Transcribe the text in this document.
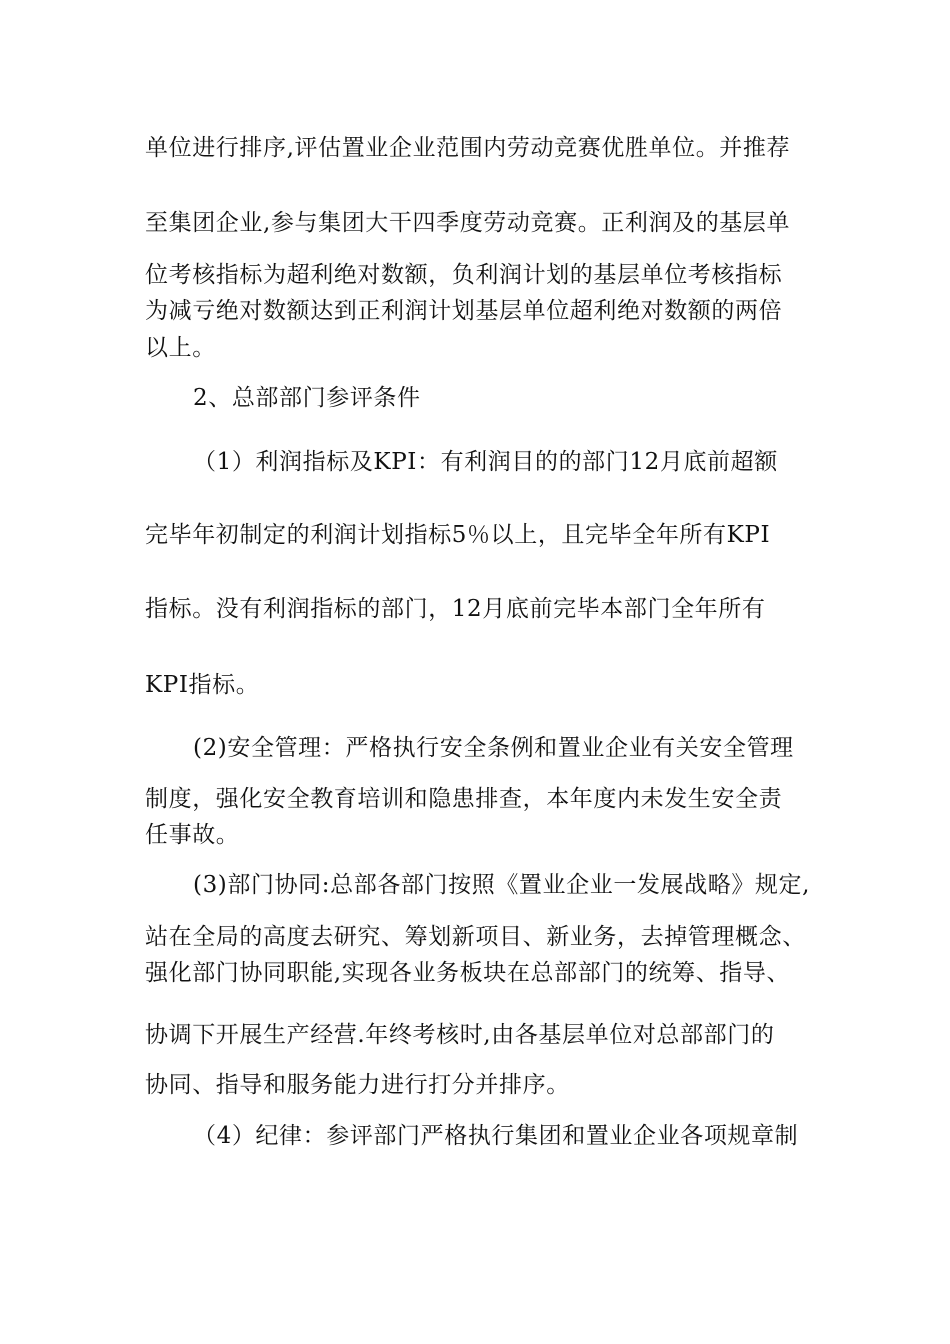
单位进行排序,评估置业企业范围内劳动竞赛优胜单位。并推荐
至集团企业,参与集团大干四季度劳动竞赛。正利润及的基层单
位考核指标为超利绝对数额，负利润计划的基层单位考核指标
为减亏绝对数额达到正利润计划基层单位超利绝对数额的两倍
以上。
2、总部部门参评条件
（1）利润指标及KPI：有利润目的的部门12月底前超额
完毕年初制定的利润计划指标5％以上，且完毕全年所有KPI
指标。没有利润指标的部门，12月底前完毕本部门全年所有
KPI指标。
(2)安全管理：严格执行安全条例和置业企业有关安全管理
制度，强化安全教育培训和隐患排查，本年度内未发生安全责
任事故。
(3)部门协同:总部各部门按照《置业企业一发展战略》规定,
站在全局的高度去研究、筹划新项目、新业务，去掉管理概念、
强化部门协同职能,实现各业务板块在总部部门的统筹、指导、
协调下开展生产经营.年终考核时,由各基层单位对总部部门的
协同、指导和服务能力进行打分并排序。
（4）纪律：参评部门严格执行集团和置业企业各项规章制
